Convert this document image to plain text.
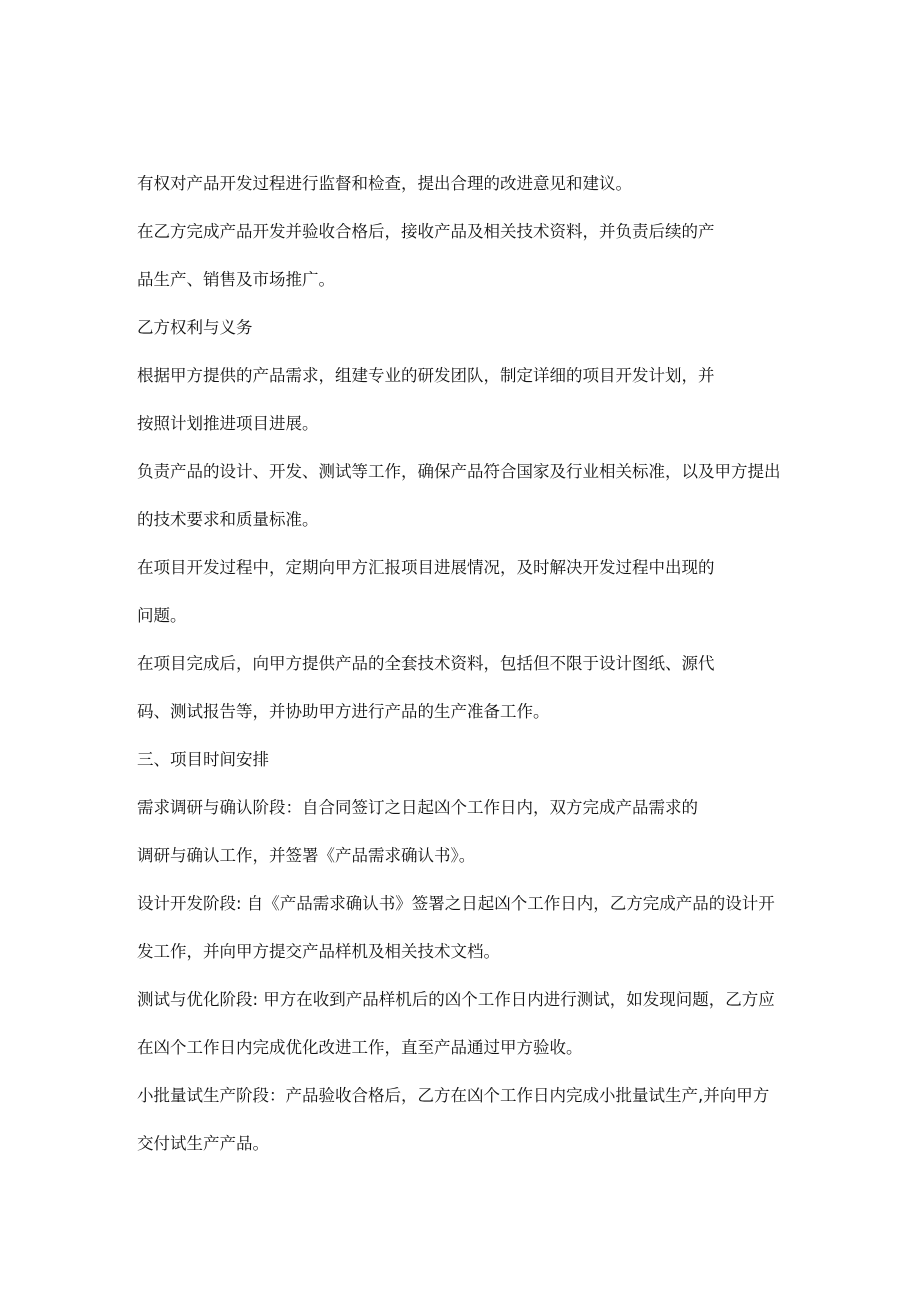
有权对产品开发过程进行监督和检查，提出合理的改进意见和建议。
在乙方完成产品开发并验收合格后，接收产品及相关技术资料，并负责后续的产
品生产、销售及市场推广。
乙方权利与义务
根据甲方提供的产品需求，组建专业的研发团队，制定详细的项目开发计划，并
按照计划推进项目进展。
负责产品的设计、开发、测试等工作，确保产品符合国家及行业相关标准，以及甲方提出
的技术要求和质量标准。
在项目开发过程中，定期向甲方汇报项目进展情况，及时解决开发过程中出现的
问题。
在项目完成后，向甲方提供产品的全套技术资料，包括但不限于设计图纸、源代
码、测试报告等，并协助甲方进行产品的生产准备工作。
三、项目时间安排
需求调研与确认阶段：自合同签订之日起凶个工作日内，双方完成产品需求的
调研与确认工作，并签署《产品需求确认书》。
设计开发阶段: 自《产品需求确认书》签署之日起凶个工作日内，乙方完成产品的设计开
发工作，并向甲方提交产品样机及相关技术文档。
测试与优化阶段: 甲方在收到产品样机后的凶个工作日内进行测试，如发现问题，乙方应
在凶个工作日内完成优化改进工作，直至产品通过甲方验收。
小批量试生产阶段：产品验收合格后，乙方在凶个工作日内完成小批量试生产,并向甲方
交付试生产产品。
